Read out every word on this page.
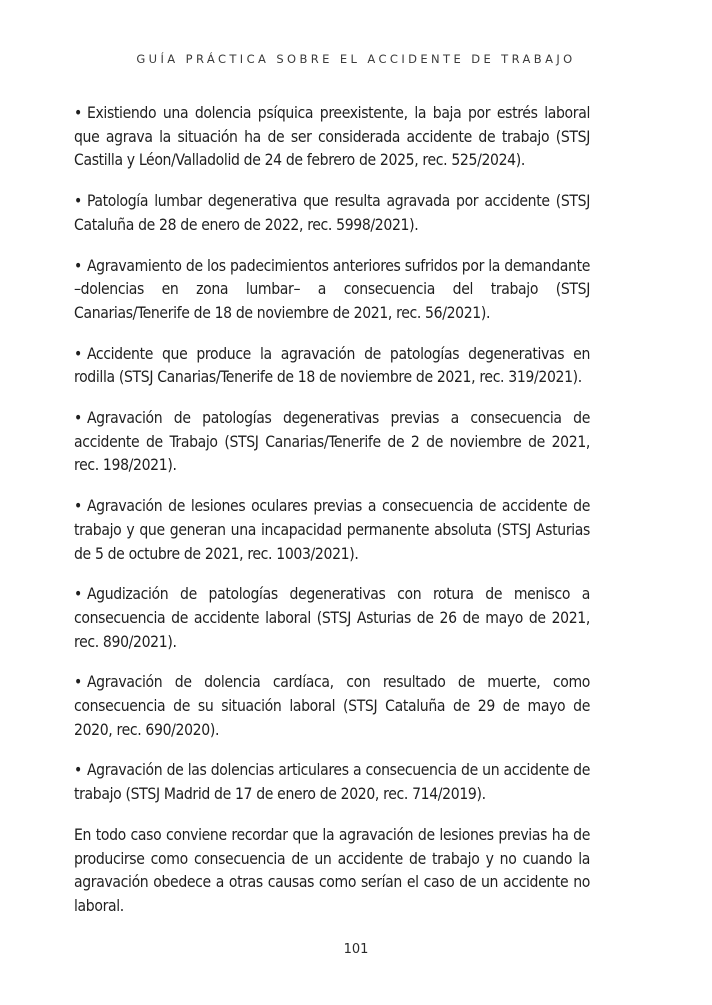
GUÍA PRÁCTICA SOBRE EL ACCIDENTE DE TRABAJO

• Existiendo una dolencia psíquica preexistente, la baja por estrés laboral que agrava la situación ha de ser considerada accidente de trabajo (STSJ Castilla y Léon/Valladolid de 24 de febrero de 2025, rec. 525/2024).

• Patología lumbar degenerativa que resulta agravada por accidente (STSJ Cataluña de 28 de enero de 2022, rec. 5998/2021).

• Agravamiento de los padecimientos anteriores sufridos por la demandante –dolencias en zona lumbar– a consecuencia del trabajo (STSJ Canarias/Tenerife de 18 de noviembre de 2021, rec. 56/2021).

• Accidente que produce la agravación de patologías degenerativas en rodilla (STSJ Canarias/Tenerife de 18 de noviembre de 2021, rec. 319/2021).

• Agravación de patologías degenerativas previas a consecuencia de accidente de Trabajo (STSJ Canarias/Tenerife de 2 de noviembre de 2021, rec. 198/2021).

• Agravación de lesiones oculares previas a consecuencia de accidente de trabajo y que generan una incapacidad permanente absoluta (STSJ Asturias de 5 de octubre de 2021, rec. 1003/2021).

• Agudización de patologías degenerativas con rotura de menisco a consecuencia de accidente laboral (STSJ Asturias de 26 de mayo de 2021, rec. 890/2021).

• Agravación de dolencia cardíaca, con resultado de muerte, como consecuencia de su situación laboral (STSJ Cataluña de 29 de mayo de 2020, rec. 690/2020).

• Agravación de las dolencias articulares a consecuencia de un accidente de trabajo (STSJ Madrid de 17 de enero de 2020, rec. 714/2019).

En todo caso conviene recordar que la agravación de lesiones previas ha de producirse como consecuencia de un accidente de trabajo y no cuando la agravación obedece a otras causas como serían el caso de un accidente no laboral.

101
